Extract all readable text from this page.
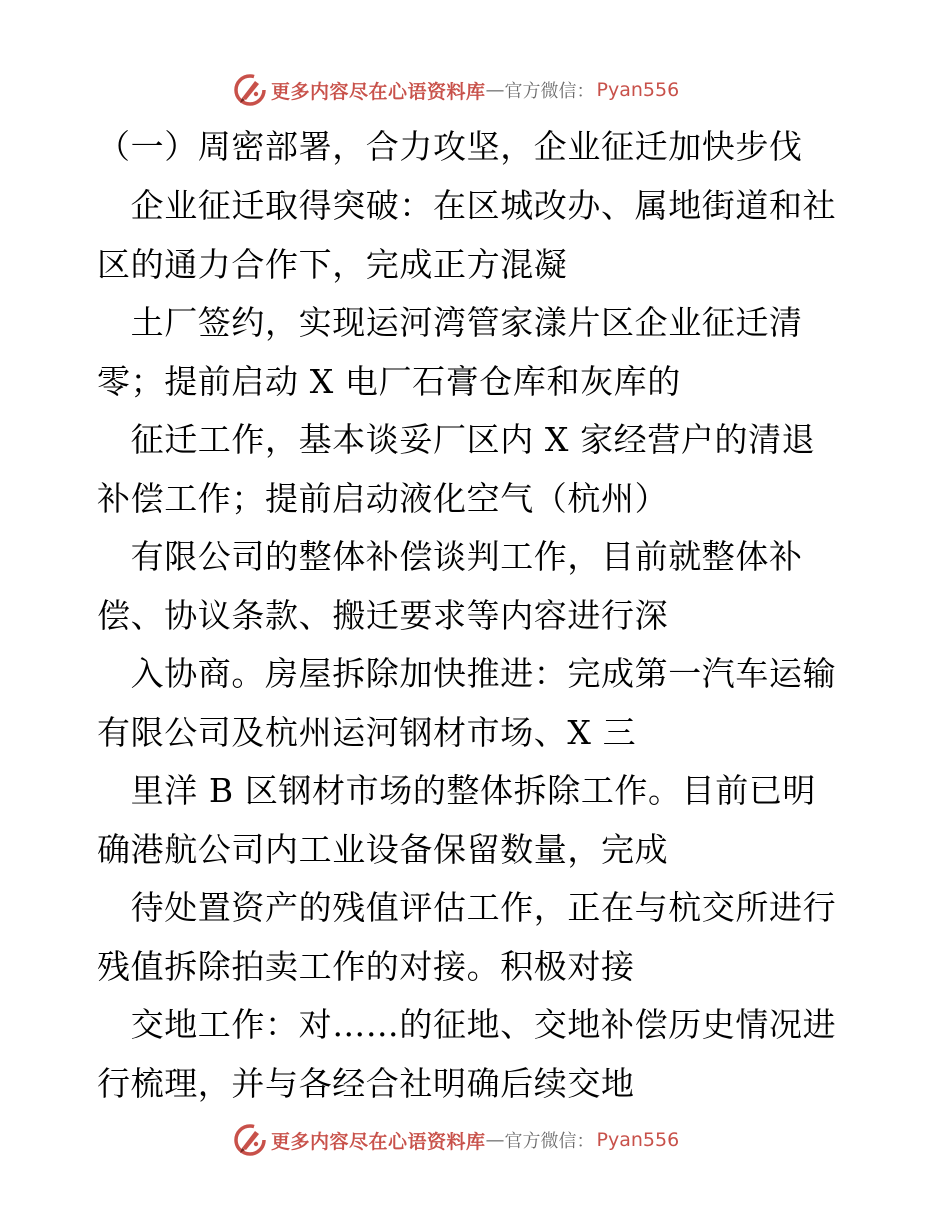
更多内容尽在心语资料库 — 官方微信： Pyan556
（一）周密部署，合力攻坚，企业征迁加快步伐
　企业征迁取得突破：在区城改办、属地街道和社
区的通力合作下，完成正方混凝
　土厂签约，实现运河湾管家漾片区企业征迁清
零；提前启动 X 电厂石膏仓库和灰库的
　征迁工作，基本谈妥厂区内 X 家经营户的清退
补偿工作；提前启动液化空气（杭州）
　有限公司的整体补偿谈判工作，目前就整体补
偿、协议条款、搬迁要求等内容进行深
　入协商。房屋拆除加快推进：完成第一汽车运输
有限公司及杭州运河钢材市场、X 三
　里洋 B 区钢材市场的整体拆除工作。目前已明
确港航公司内工业设备保留数量，完成
　待处置资产的残值评估工作，正在与杭交所进行
残值拆除拍卖工作的对接。积极对接
　交地工作：对……的征地、交地补偿历史情况进
行梳理，并与各经合社明确后续交地
更多内容尽在心语资料库 — 官方微信： Pyan556
